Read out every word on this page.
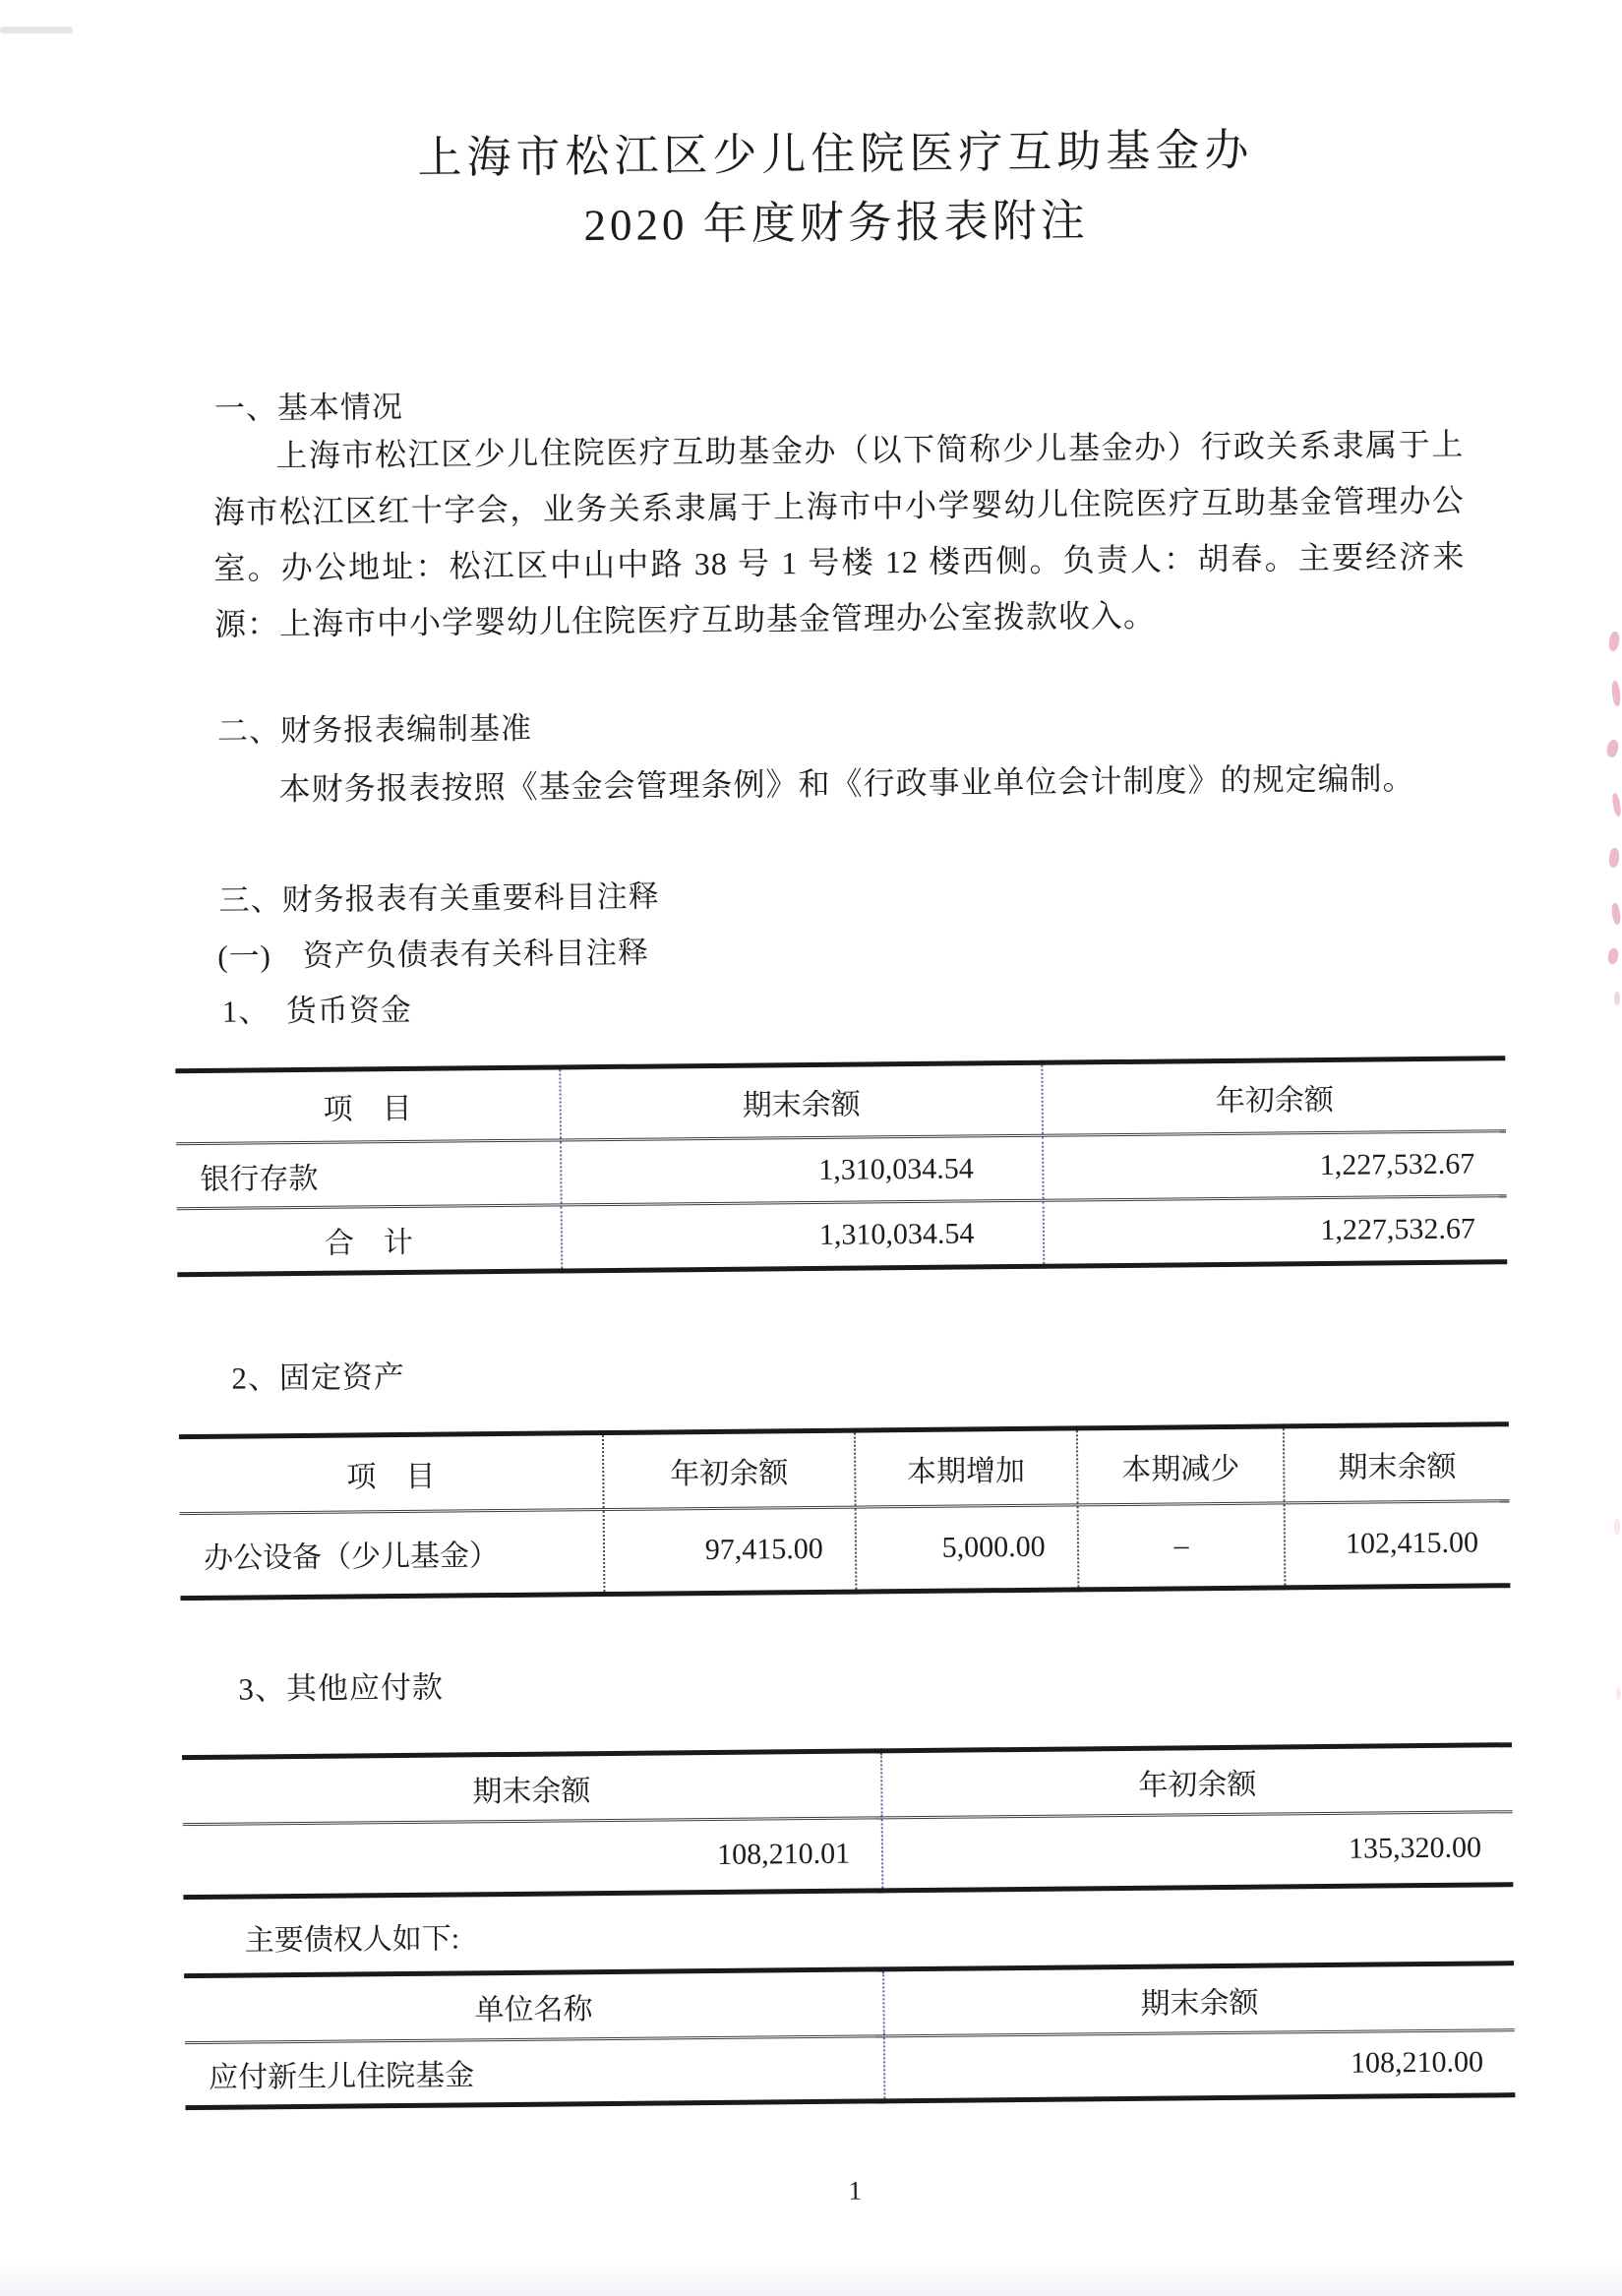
上海市松江区少儿住院医疗互助基金办
2020 年度财务报表附注
一、基本情况
上海市松江区少儿住院医疗互助基金办（以下简称少儿基金办）行政关系隶属于上海市松江区红十字会，业务关系隶属于上海市中小学婴幼儿住院医疗互助基金管理办公室。办公地址：松江区中山中路 38 号 1 号楼 12 楼西侧。负责人：胡春。主要经济来源：上海市中小学婴幼儿住院医疗互助基金管理办公室拨款收入。
二、财务报表编制基准
本财务报表按照《基金会管理条例》和《行政事业单位会计制度》的规定编制。
三、财务报表有关重要科目注释
(一)　资产负债表有关科目注释
1、　货币资金
项　目	期末余额	年初余额
银行存款	1,310,034.54	1,227,532.67
合　计	1,310,034.54	1,227,532.67
2、固定资产
项　目	年初余额	本期增加	本期减少	期末余额
办公设备（少儿基金）	97,415.00	5,000.00	–	102,415.00
3、其他应付款
期末余额	年初余额
108,210.01	135,320.00
主要债权人如下:
单位名称	期末余额
应付新生儿住院基金	108,210.00
1
